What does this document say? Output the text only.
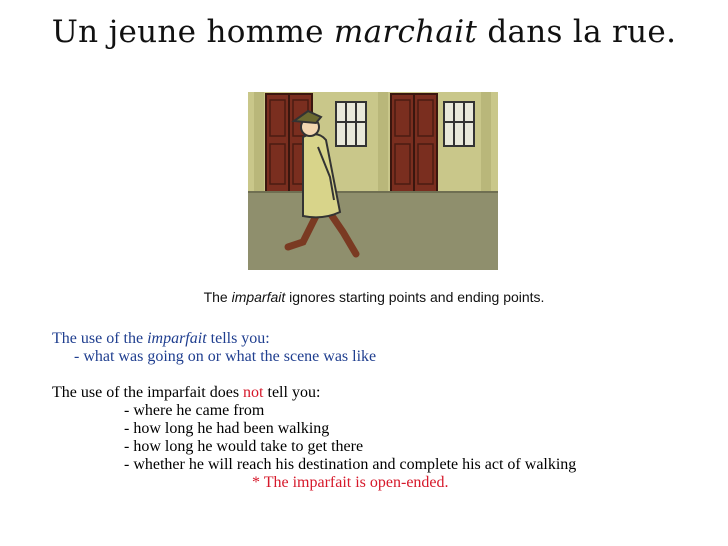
Un jeune homme marchait dans la rue.
The imparfait ignores starting points and ending points.
The use of the imparfait tells you:
- what was going on or what the scene was like
The use of the imparfait does not tell you:
- where he came from
- how long he had been walking
- how long he would take to get there
- whether he will reach his destination and complete his act of walking
* The imparfait is open-ended.
